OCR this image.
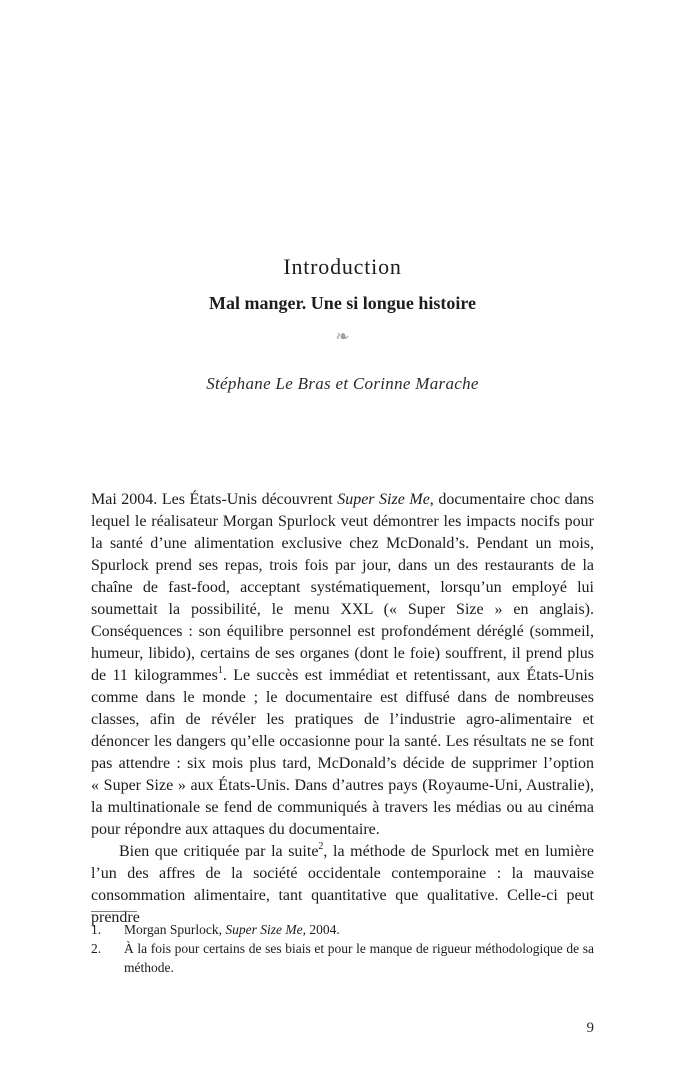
Introduction
Mal manger. Une si longue histoire
❧
Stéphane Le Bras et Corinne Marache

Mai 2004. Les États-Unis découvrent Super Size Me, documentaire choc dans lequel le réalisateur Morgan Spurlock veut démontrer les impacts nocifs pour la santé d’une alimentation exclusive chez McDonald’s. Pendant un mois, Spurlock prend ses repas, trois fois par jour, dans un des restaurants de la chaîne de fast-food, acceptant systématiquement, lorsqu’un employé lui soumettait la possibilité, le menu XXL (« Super Size » en anglais). Conséquences : son équilibre personnel est profondément déréglé (sommeil, humeur, libido), certains de ses organes (dont le foie) souffrent, il prend plus de 11 kilogrammes$^1$. Le succès est immédiat et retentissant, aux États-Unis comme dans le monde ; le documentaire est diffusé dans de nombreuses classes, afin de révéler les pratiques de l’industrie agro-alimentaire et dénoncer les dangers qu’elle occasionne pour la santé. Les résultats ne se font pas attendre : six mois plus tard, McDonald’s décide de supprimer l’option « Super Size » aux États-Unis. Dans d’autres pays (Royaume-Uni, Australie), la multinationale se fend de communiqués à travers les médias ou au cinéma pour répondre aux attaques du documentaire.

Bien que critiquée par la suite$^2$, la méthode de Spurlock met en lumière l’un des affres de la société occidentale contemporaine : la mauvaise consommation alimentaire, tant quantitative que qualitative. Celle-ci peut prendre

1.	Morgan Spurlock, Super Size Me, 2004.
2.	À la fois pour certains de ses biais et pour le manque de rigueur méthodologique de sa méthode.
9
